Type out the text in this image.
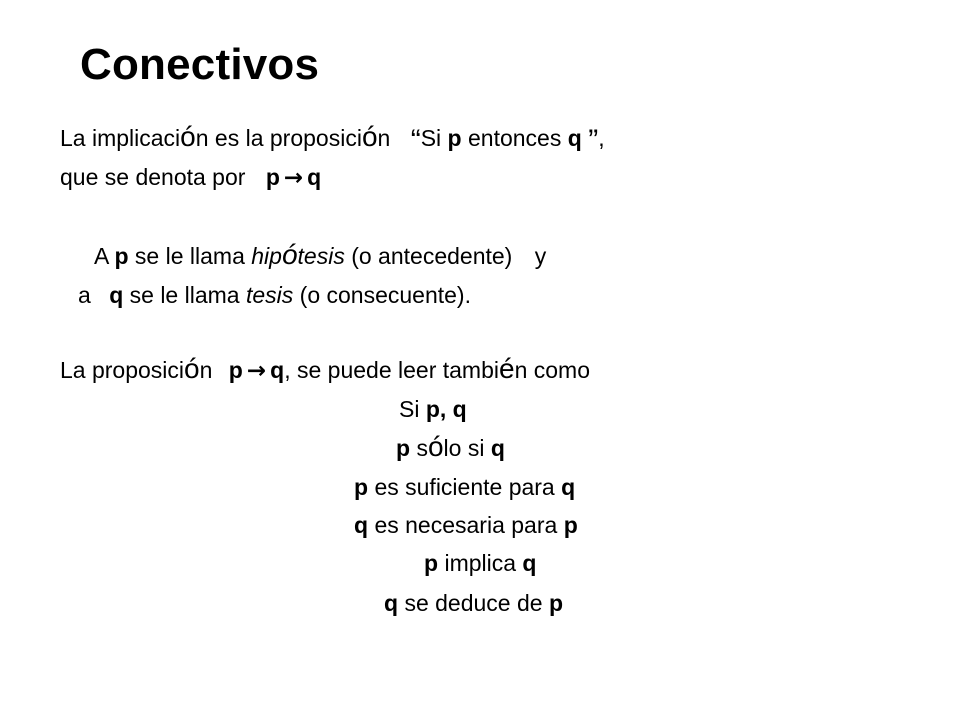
Conectivos
La implicación es la proposición “Si p entonces q ”,
que se denota por p → q
A p se le llama hipótesis (o antecedente) y
a q se le llama tesis (o consecuente).
La proposición p → q, se puede leer también como
Si p, q
p sólo si q
p es suficiente para q
q es necesaria para p
p implica q
q se deduce de p
